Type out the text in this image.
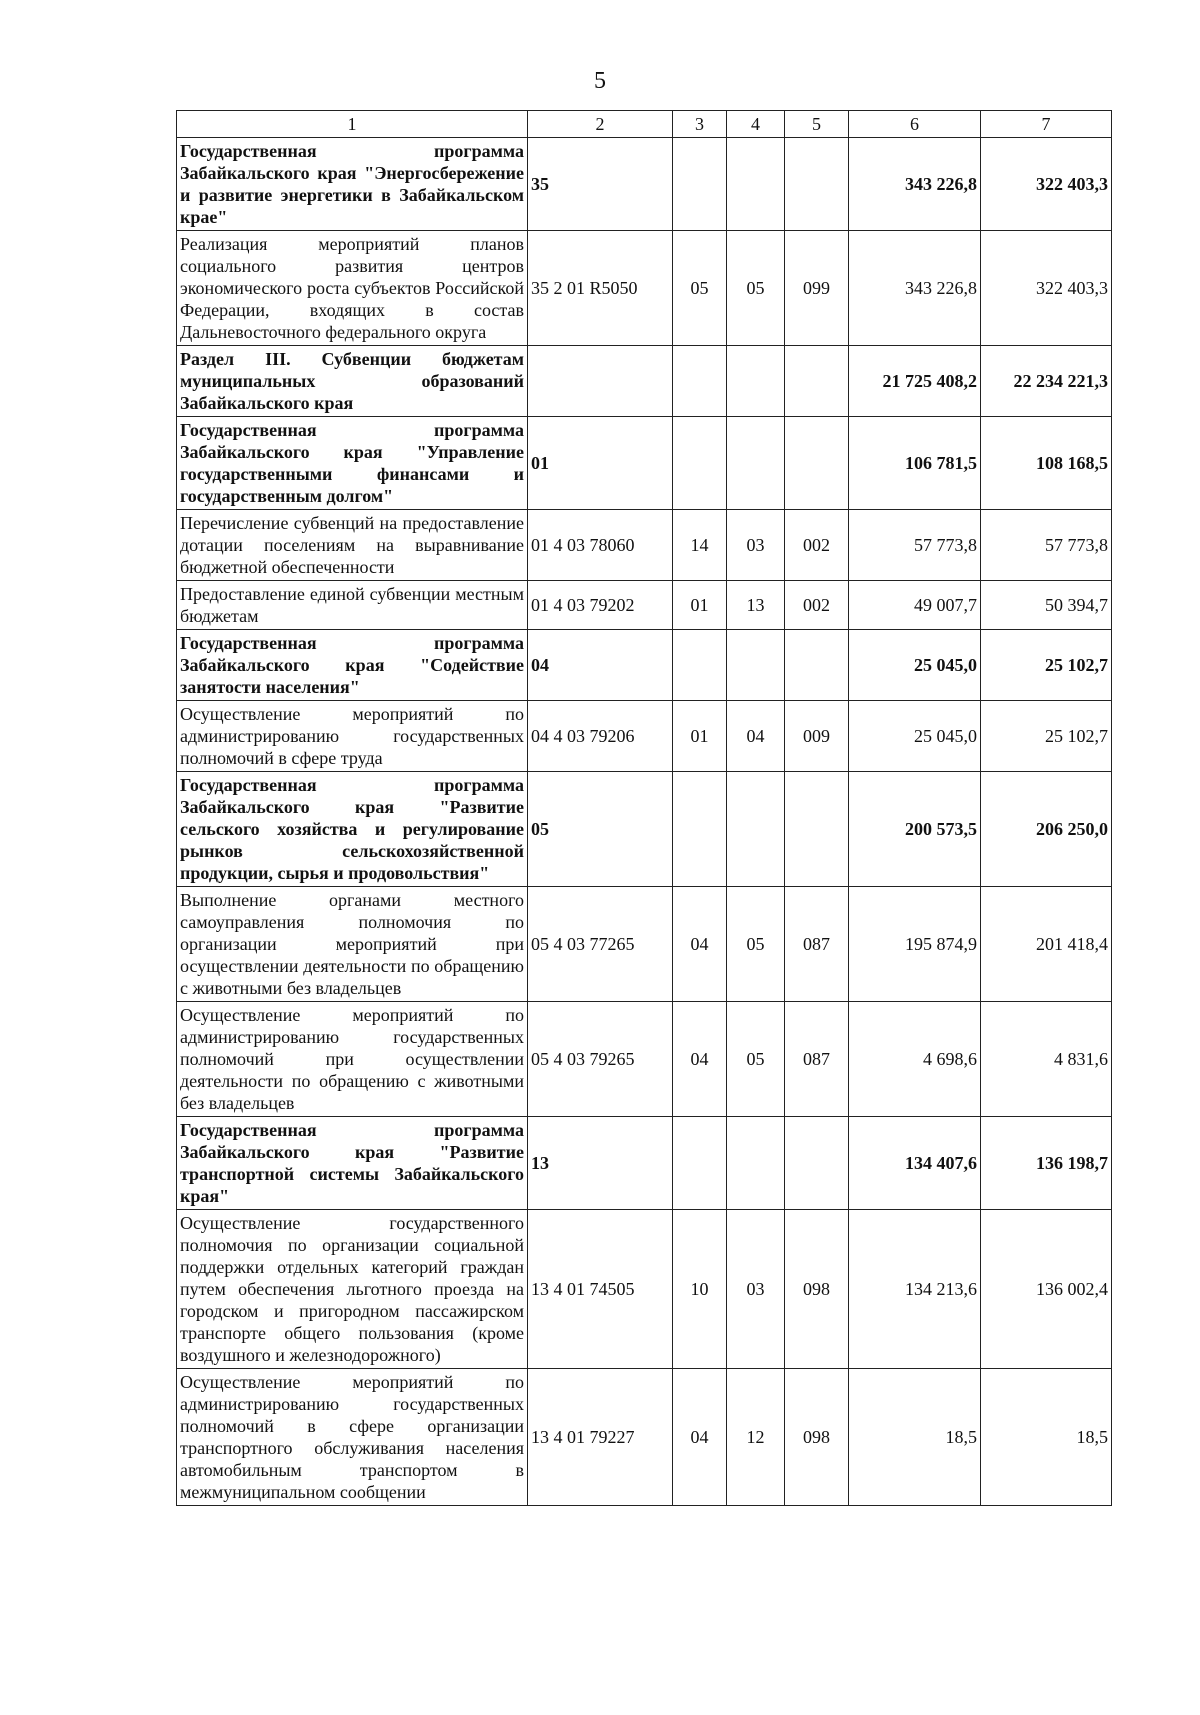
5
1	2	3	4	5	6	7
Государственная программа Забайкальского края "Энергосбережение и развитие энергетики в Забайкальском крае"	35				343 226,8	322 403,3
Реализация мероприятий планов социального развития центров экономического роста субъектов Российской Федерации, входящих в состав Дальневосточного федерального округа	35 2 01 R5050	05	05	099	343 226,8	322 403,3
Раздел III. Субвенции бюджетам муниципальных образований Забайкальского края					21 725 408,2	22 234 221,3
Государственная программа Забайкальского края "Управление государственными финансами и государственным долгом"	01				106 781,5	108 168,5
Перечисление субвенций на предоставление дотации поселениям на выравнивание бюджетной обеспеченности	01 4 03 78060	14	03	002	57 773,8	57 773,8
Предоставление единой субвенции местным бюджетам	01 4 03 79202	01	13	002	49 007,7	50 394,7
Государственная программа Забайкальского края "Содействие занятости населения"	04				25 045,0	25 102,7
Осуществление мероприятий по администрированию государственных полномочий в сфере труда	04 4 03 79206	01	04	009	25 045,0	25 102,7
Государственная программа Забайкальского края "Развитие сельского хозяйства и регулирование рынков сельскохозяйственной продукции, сырья и продовольствия"	05				200 573,5	206 250,0
Выполнение органами местного самоуправления полномочия по организации мероприятий при осуществлении деятельности по обращению с животными без владельцев	05 4 03 77265	04	05	087	195 874,9	201 418,4
Осуществление мероприятий по администрированию государственных полномочий при осуществлении деятельности по обращению с животными без владельцев	05 4 03 79265	04	05	087	4 698,6	4 831,6
Государственная программа Забайкальского края "Развитие транспортной системы Забайкальского края"	13				134 407,6	136 198,7
Осуществление государственного полномочия по организации социальной поддержки отдельных категорий граждан путем обеспечения льготного проезда на городском и пригородном пассажирском транспорте общего пользования (кроме воздушного и железнодорожного)	13 4 01 74505	10	03	098	134 213,6	136 002,4
Осуществление мероприятий по администрированию государственных полномочий в сфере организации транспортного обслуживания населения автомобильным транспортом в межмуниципальном сообщении	13 4 01 79227	04	12	098	18,5	18,5
